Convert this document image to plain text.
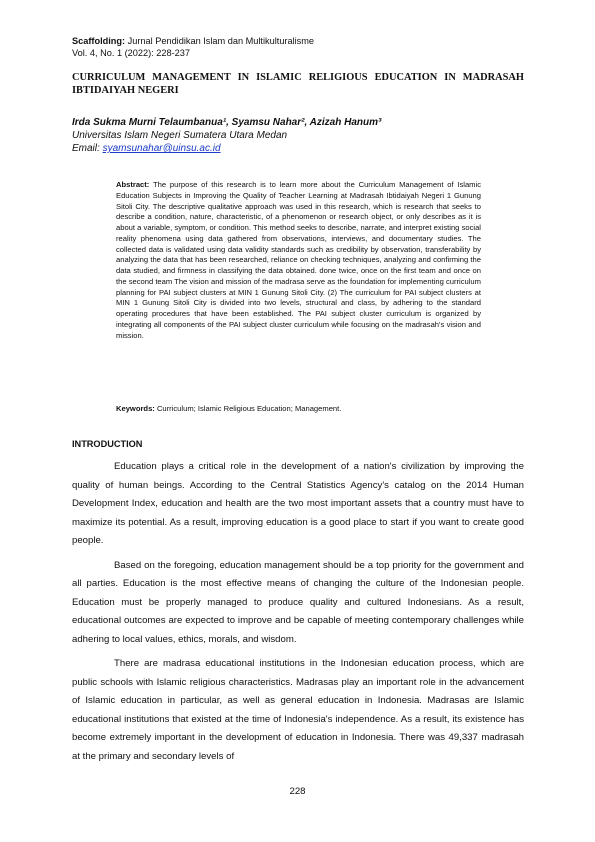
Scaffolding: Jurnal Pendidikan Islam dan Multikulturalisme
Vol. 4, No. 1 (2022): 228-237
CURRICULUM MANAGEMENT IN ISLAMIC RELIGIOUS EDUCATION IN MADRASAH IBTIDAIYAH NEGERI
Irda Sukma Murni Telaumbanua¹, Syamsu Nahar², Azizah Hanum³
Universitas Islam Negeri Sumatera Utara Medan
Email: syamsunahar@uinsu.ac.id
Abstract: The purpose of this research is to learn more about the Curriculum Management of Islamic Education Subjects in Improving the Quality of Teacher Learning at Madrasah Ibtidaiyah Negeri 1 Gunung Sitoli City. The descriptive qualitative approach was used in this research, which is research that seeks to describe a condition, nature, characteristic, of a phenomenon or research object, or only describes as it is about a variable, symptom, or condition. This method seeks to describe, narrate, and interpret existing social reality phenomena using data gathered from observations, interviews, and documentary studies. The collected data is validated using data validity standards such as credibility by observation, transferability by analyzing the data that has been researched, reliance on checking techniques, analyzing and confirming the data studied, and firmness in classifying the data obtained. done twice, once on the first team and once on the second team The vision and mission of the madrasa serve as the foundation for implementing curriculum planning for PAI subject clusters at MIN 1 Gunung Sitoli City. (2) The curriculum for PAI subject clusters at MIN 1 Gunung Sitoli City is divided into two levels, structural and class, by adhering to the standard operating procedures that have been established. The PAI subject cluster curriculum is organized by integrating all components of the PAI subject cluster curriculum while focusing on the madrasah's vision and mission.
Keywords: Curriculum; Islamic Religious Education; Management.
INTRODUCTION

Education plays a critical role in the development of a nation's civilization by improving the quality of human beings. According to the Central Statistics Agency's catalog on the 2014 Human Development Index, education and health are the two most important assets that a country must have to maximize its potential. As a result, improving education is a good place to start if you want to create good people.

Based on the foregoing, education management should be a top priority for the government and all parties. Education is the most effective means of changing the culture of the Indonesian people. Education must be properly managed to produce quality and cultured Indonesians. As a result, educational outcomes are expected to improve and be capable of meeting contemporary challenges while adhering to local values, ethics, morals, and wisdom.

There are madrasa educational institutions in the Indonesian education process, which are public schools with Islamic religious characteristics. Madrasas play an important role in the advancement of Islamic education in particular, as well as general education in Indonesia. Madrasas are Islamic educational institutions that existed at the time of Indonesia's independence. As a result, its existence has become extremely important in the development of education in Indonesia. There was 49,337 madrasah at the primary and secondary levels of

228
